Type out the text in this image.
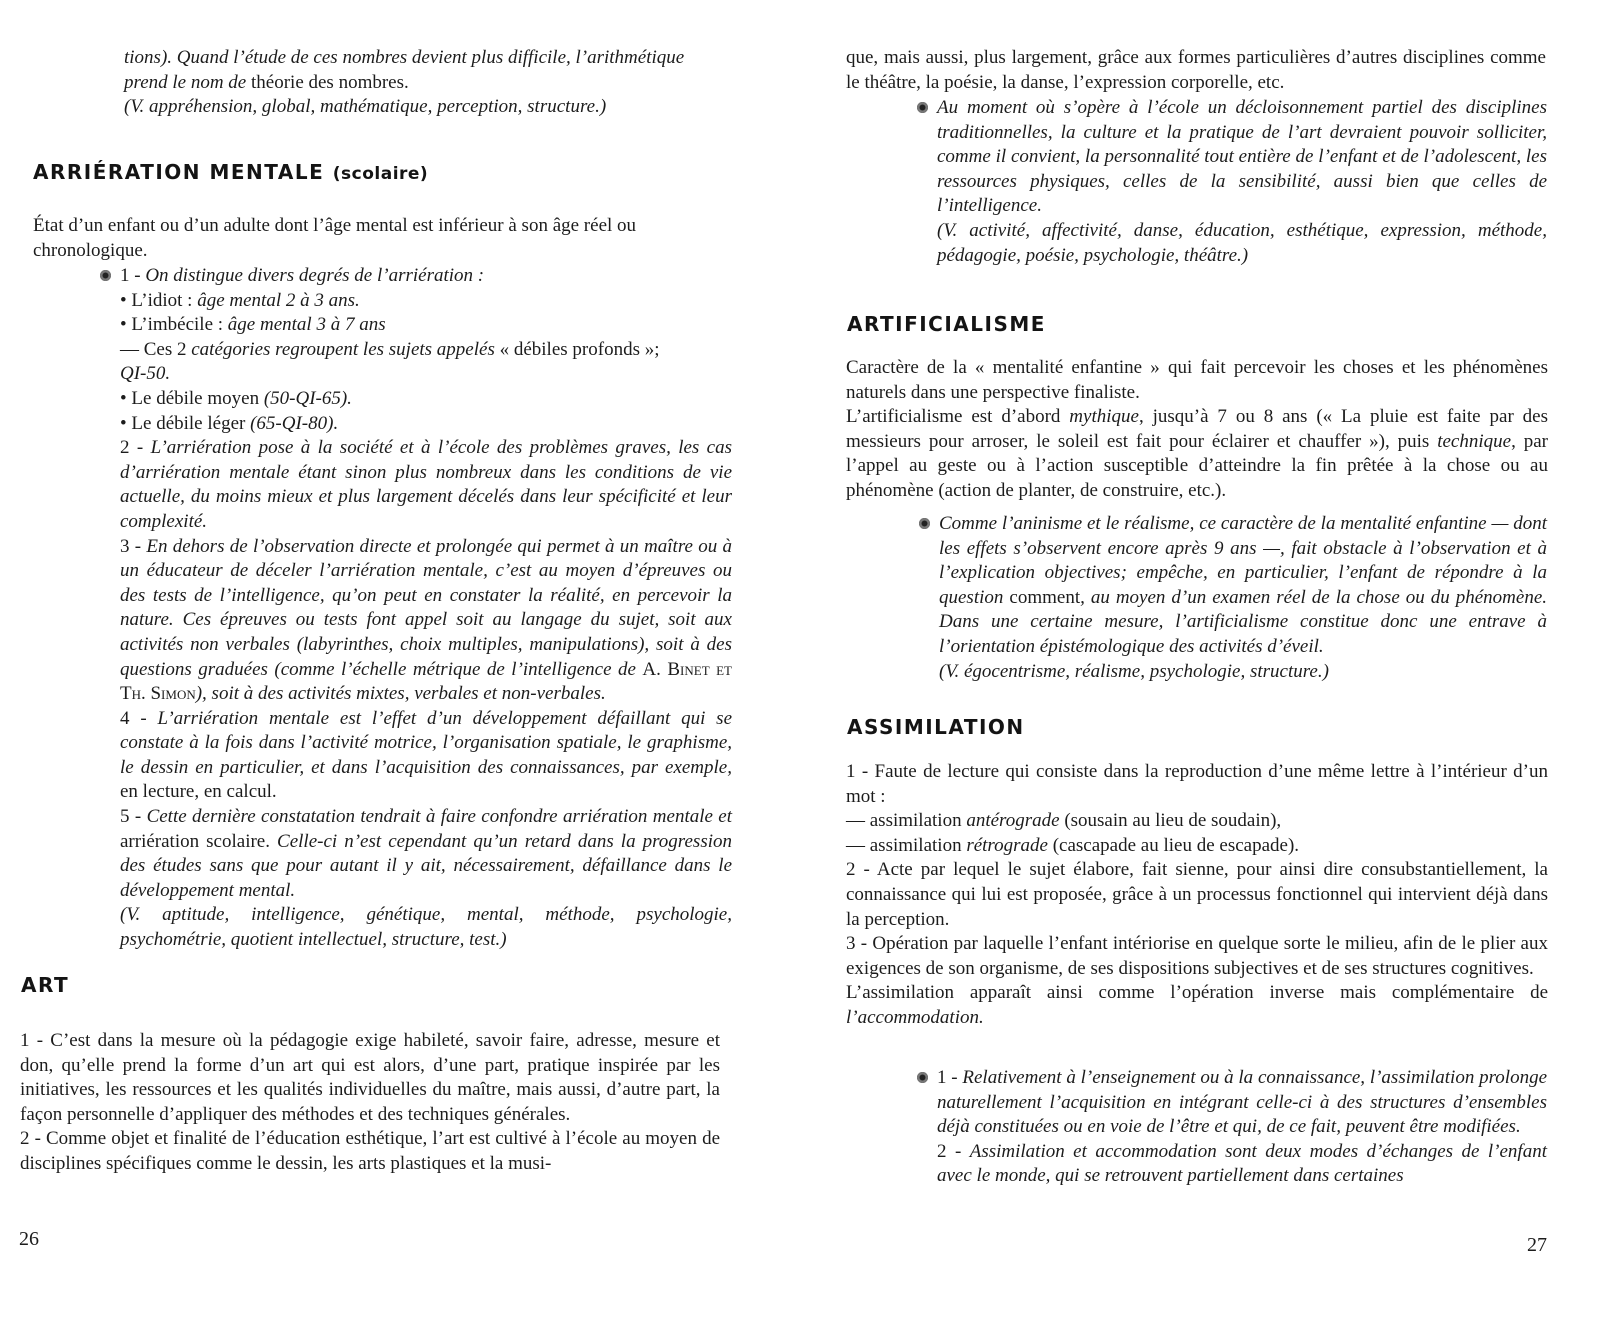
tions). Quand l’étude de ces nombres devient plus difficile, l’arithmétique
prend le nom de théorie des nombres.
(V. appréhension, global, mathématique, perception, structure.)

ARRIÉRATION MENTALE (scolaire)

État d’un enfant ou d’un adulte dont l’âge mental est inférieur à son âge réel ou
chronologique.

1 - On distingue divers degrés de l’arriération :
• L’idiot : âge mental 2 à 3 ans.
• L’imbécile : âge mental 3 à 7 ans
— Ces 2 catégories regroupent les sujets appelés « débiles profonds »;
QI-50.
• Le débile moyen (50-QI-65).
• Le débile léger (65-QI-80).
2 - L’arriération pose à la société et à l’école des problèmes graves, les cas d’arriération mentale étant sinon plus nombreux dans les conditions de vie actuelle, du moins mieux et plus largement décelés dans leur spécificité et leur complexité.
3 - En dehors de l’observation directe et prolongée qui permet à un maître ou à un éducateur de déceler l’arriération mentale, c’est au moyen d’épreuves ou des tests de l’intelligence, qu’on peut en constater la réalité, en percevoir la nature. Ces épreuves ou tests font appel soit au langage du sujet, soit aux activités non verbales (labyrinthes, choix multiples, manipulations), soit à des questions graduées (comme l’échelle métrique de l’intelligence de A. Binet et Th. Simon), soit à des activités mixtes, verbales et non-verbales.
4 - L’arriération mentale est l’effet d’un développement défaillant qui se constate à la fois dans l’activité motrice, l’organisation spatiale, le graphisme, le dessin en particulier, et dans l’acquisition des connaissances, par exemple, en lecture, en calcul.
5 - Cette dernière constatation tendrait à faire confondre arriération mentale et arriération scolaire. Celle-ci n’est cependant qu’un retard dans la progression des études sans que pour autant il y ait, nécessairement, défaillance dans le développement mental.
(V. aptitude, intelligence, génétique, mental, méthode, psychologie, psychométrie, quotient intellectuel, structure, test.)
ART
1 - C’est dans la mesure où la pédagogie exige habileté, savoir faire, adresse, mesure et don, qu’elle prend la forme d’un art qui est alors, d’une part, pratique inspirée par les initiatives, les ressources et les qualités individuelles du maître, mais aussi, d’autre part, la façon personnelle d’appliquer des méthodes et des techniques générales.
2 - Comme objet et finalité de l’éducation esthétique, l’art est cultivé à l’école au moyen de disciplines spécifiques comme le dessin, les arts plastiques et la musi-
26
que, mais aussi, plus largement, grâce aux formes particulières d’autres disciplines comme le théâtre, la poésie, la danse, l’expression corporelle, etc.
Au moment où s’opère à l’école un décloisonnement partiel des disciplines traditionnelles, la culture et la pratique de l’art devraient pouvoir solliciter, comme il convient, la personnalité tout entière de l’enfant et de l’adolescent, les ressources physiques, celles de la sensibilité, aussi bien que celles de l’intelligence.
(V. activité, affectivité, danse, éducation, esthétique, expression, méthode, pédagogie, poésie, psychologie, théâtre.)
ARTIFICIALISME
Caractère de la « mentalité enfantine » qui fait percevoir les choses et les phénomènes naturels dans une perspective finaliste.
L’artificialisme est d’abord mythique, jusqu’à 7 ou 8 ans (« La pluie est faite par des messieurs pour arroser, le soleil est fait pour éclairer et chauffer »), puis technique, par l’appel au geste ou à l’action susceptible d’atteindre la fin prêtée à la chose ou au phénomène (action de planter, de construire, etc.).
Comme l’aninisme et le réalisme, ce caractère de la mentalité enfantine — dont les effets s’observent encore après 9 ans —, fait obstacle à l’observation et à l’explication objectives; empêche, en particulier, l’enfant de répondre à la question comment, au moyen d’un examen réel de la chose ou du phénomène. Dans une certaine mesure, l’artificialisme constitue donc une entrave à l’orientation épistémologique des activités d’éveil.
(V. égocentrisme, réalisme, psychologie, structure.)
ASSIMILATION
1 - Faute de lecture qui consiste dans la reproduction d’une même lettre à l’intérieur d’un mot :
— assimilation antérograde (sousain au lieu de soudain),
— assimilation rétrograde (cascapade au lieu de escapade).
2 - Acte par lequel le sujet élabore, fait sienne, pour ainsi dire consubstantiellement, la connaissance qui lui est proposée, grâce à un processus fonctionnel qui intervient déjà dans la perception.
3 - Opération par laquelle l’enfant intériorise en quelque sorte le milieu, afin de le plier aux exigences de son organisme, de ses dispositions subjectives et de ses structures cognitives.
L’assimilation apparaît ainsi comme l’opération inverse mais complémentaire de l’accommodation.
1 - Relativement à l’enseignement ou à la connaissance, l’assimilation prolonge naturellement l’acquisition en intégrant celle-ci à des structures d’ensembles déjà constituées ou en voie de l’être et qui, de ce fait, peuvent être modifiées.
2 - Assimilation et accommodation sont deux modes d’échanges de l’enfant avec le monde, qui se retrouvent partiellement dans certaines
27
